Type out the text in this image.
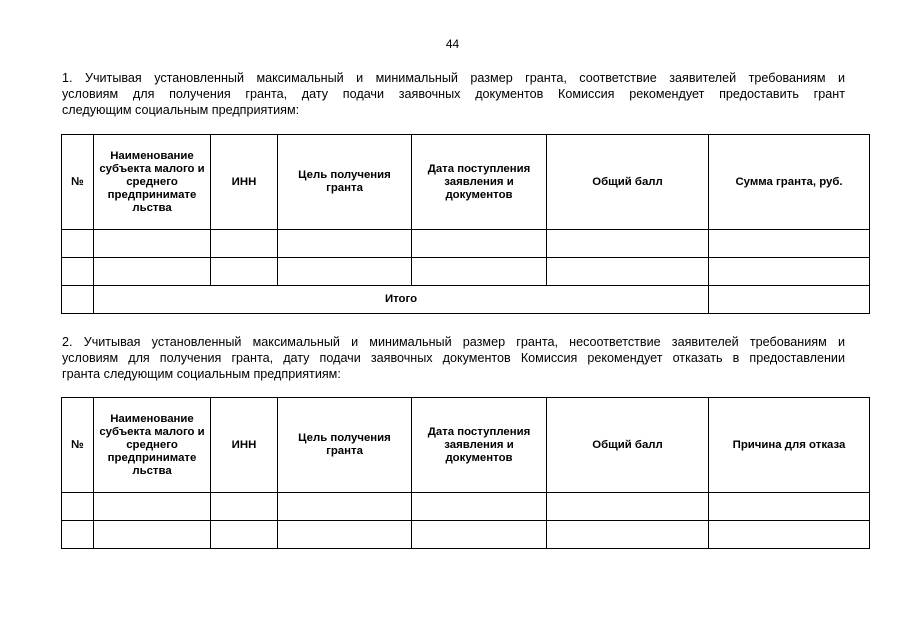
44
1. Учитывая установленный максимальный и минимальный размер гранта, соответствие заявителей требованиям и
условиям для получения гранта, дату подачи заявочных документов Комиссия рекомендует предоставить грант
следующим социальным предприятиям:
№	Наименование субъекта малого и среднего предпринимате льства	ИНН	Цель получения гранта	Дата поступления заявления и документов	Общий балл	Сумма гранта, руб.

	Итого					
2. Учитывая установленный максимальный и минимальный размер гранта, несоответствие заявителей требованиям и
условиям для получения гранта, дату подачи заявочных документов Комиссия рекомендует отказать в предоставлении
гранта следующим социальным предприятиям:
№	Наименование субъекта малого и среднего предпринимате льства	ИНН	Цель получения гранта	Дата поступления заявления и документов	Общий балл	Причина для отказа
